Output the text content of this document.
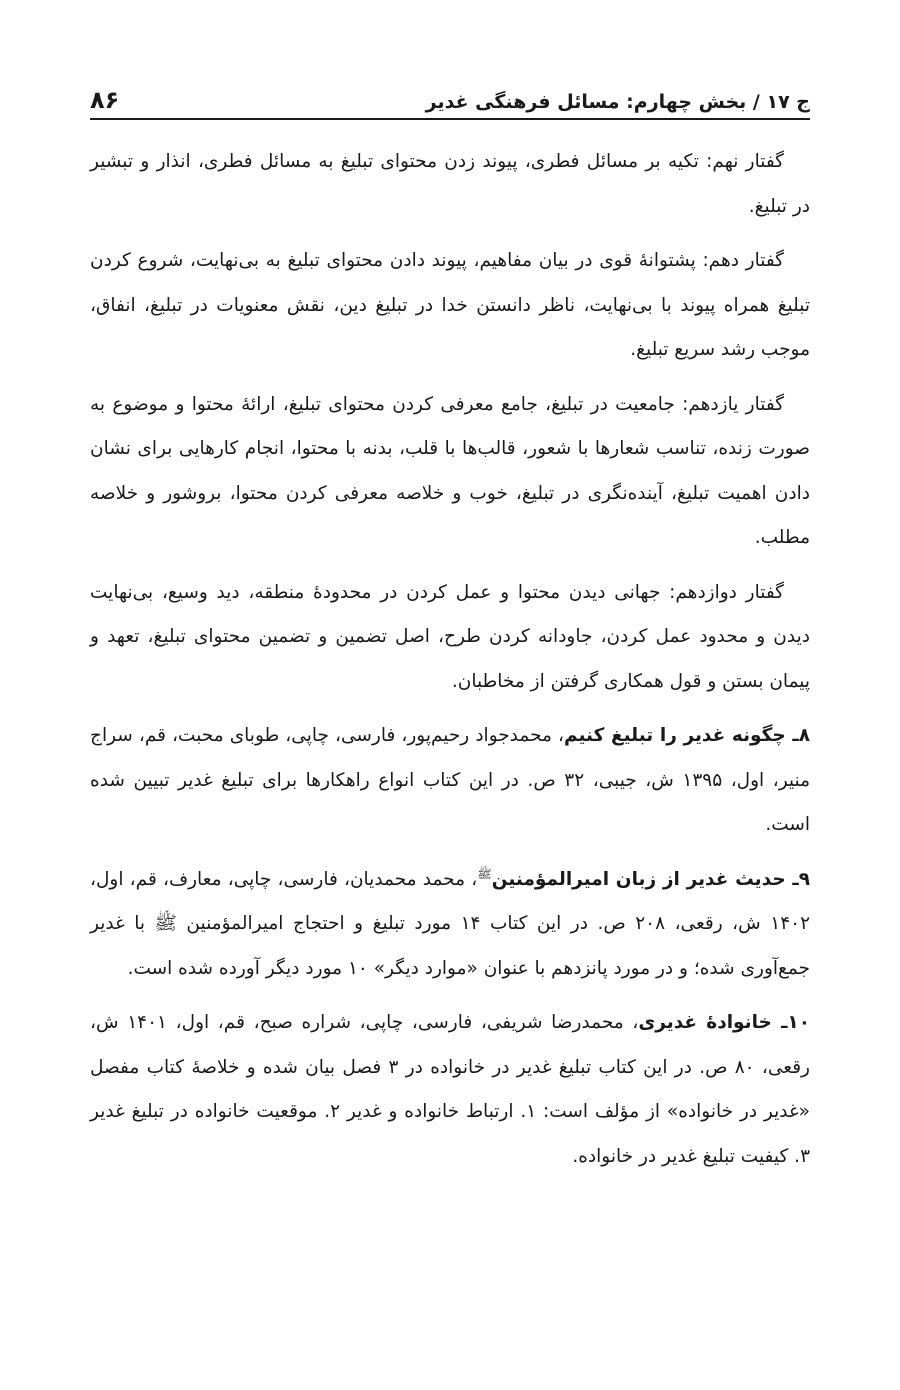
ج ۱۷ / بخش چهارم: مسائل فرهنگی غدیر
۸۶

گفتار نهم: تکیه بر مسائل فطری، پیوند زدن محتوای تبلیغ به مسائل فطری، انذار و تبشیر در تبلیغ.

گفتار دهم: پشتوانۀ قوی در بیان مفاهیم، پیوند دادن محتوای تبلیغ به بی‌نهایت، شروع کردن تبلیغ همراه پیوند با بی‌نهایت، ناظر دانستن خدا در تبلیغ دین، نقش معنویات در تبلیغ، انفاق، موجب رشد سریع تبلیغ.

گفتار یازدهم: جامعیت در تبلیغ، جامع معرفی کردن محتوای تبلیغ، ارائۀ محتوا و موضوع به صورت زنده، تناسب شعارها با شعور، قالب‌ها با قلب، بدنه با محتوا، انجام کارهایی برای نشان دادن اهمیت تبلیغ، آینده‌نگری در تبلیغ، خوب و خلاصه معرفی کردن محتوا، بروشور و خلاصه مطلب.

گفتار دوازدهم: جهانی دیدن محتوا و عمل کردن در محدودۀ منطقه، دید وسیع، بی‌نهایت دیدن و محدود عمل کردن، جاودانه کردن طرح، اصل تضمین و تضمین محتوای تبلیغ، تعهد و پیمان بستن و قول همکاری گرفتن از مخاطبان.

۸ـ چگونه غدیر را تبلیغ کنیم، محمدجواد رحیم‌پور، فارسی، چاپی، طوبای محبت، قم، سراج منیر، اول، ۱۳۹۵ ش، جیبی، ۳۲ ص. در این کتاب انواع راهکارها برای تبلیغ غدیر تبیین شده است.

۹ـ حدیث غدیر از زبان امیرالمؤمنین$^ﷺ$، محمد محمدیان، فارسی، چاپی، معارف، قم، اول، ۱۴۰۲ ش، رقعی، ۲۰۸ ص. در این کتاب ۱۴ مورد تبلیغ و احتجاج امیرالمؤمنین ﷺ با غدیر جمع‌آوری شده؛ و در مورد پانزدهم با عنوان «موارد دیگر» ۱۰ مورد دیگر آورده شده است.

۱۰ـ خانوادۀ غدیری، محمدرضا شریفی، فارسی، چاپی، شراره صبح، قم، اول، ۱۴۰۱ ش، رقعی، ۸۰ ص. در این کتاب تبلیغ غدیر در خانواده در ۳ فصل بیان شده و خلاصۀ کتاب مفصل «غدیر در خانواده» از مؤلف است: ۱. ارتباط خانواده و غدیر ۲. موقعیت خانواده در تبلیغ غدیر ۳. کیفیت تبلیغ غدیر در خانواده.
